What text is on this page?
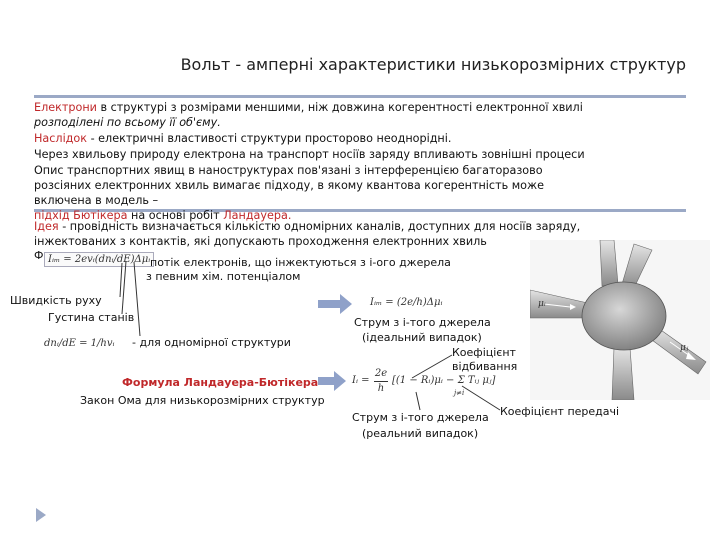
Вольт - амперні характеристики низькорозмірних структур
Електрони в структурі з розмірами меншими, ніж довжина когерентності електронної хвилі
розподілені по всьому її об'єму.
Наслідок - електричні властивості структури просторово неоднорідні.
Через хвильову природу електрона на транспорт носіїв заряду впливають зовнішні процеси
Опис транспортних явищ в наноструктурах пов'язані з інтерференцією багаторазово
розсіяних електронних хвиль вимагає підходу, в якому квантова когерентність може
включена в модель –
підхід Бютікера на основі робіт Ландауера.
Ідея - провідність визначається кількістю одномірних каналів, доступних для носіїв заряду,
інжектованих з контактів, які допускають проходження електронних хвиль
Ф Iᵢₘ = 2evᵢ(dnᵢ/dE)Δμᵢ потік електронів, що інжектуються з i-ого джерела
з певним хім. потенціалом
Швидкість руху
Густина станів
dnᵢ/dE = 1/hvᵢ - для одномірної структури
Формула Ландауера-Бютікера
Закон Ома для низькорозмірних структур
Iᵢₘ = (2e/h)Δμᵢ
Струм з i-того джерела
(ідеальний випадок)
Коефіцієнт
відбивання
Iᵢ =
2e
h
[(1 − Rᵢ)μᵢ − Σ Tᵢⱼ μⱼ]
j≠i
Струм з i-того джерела
(реальний випадок)
Коефіцієнт передачі
μᵢ
μⱼ
